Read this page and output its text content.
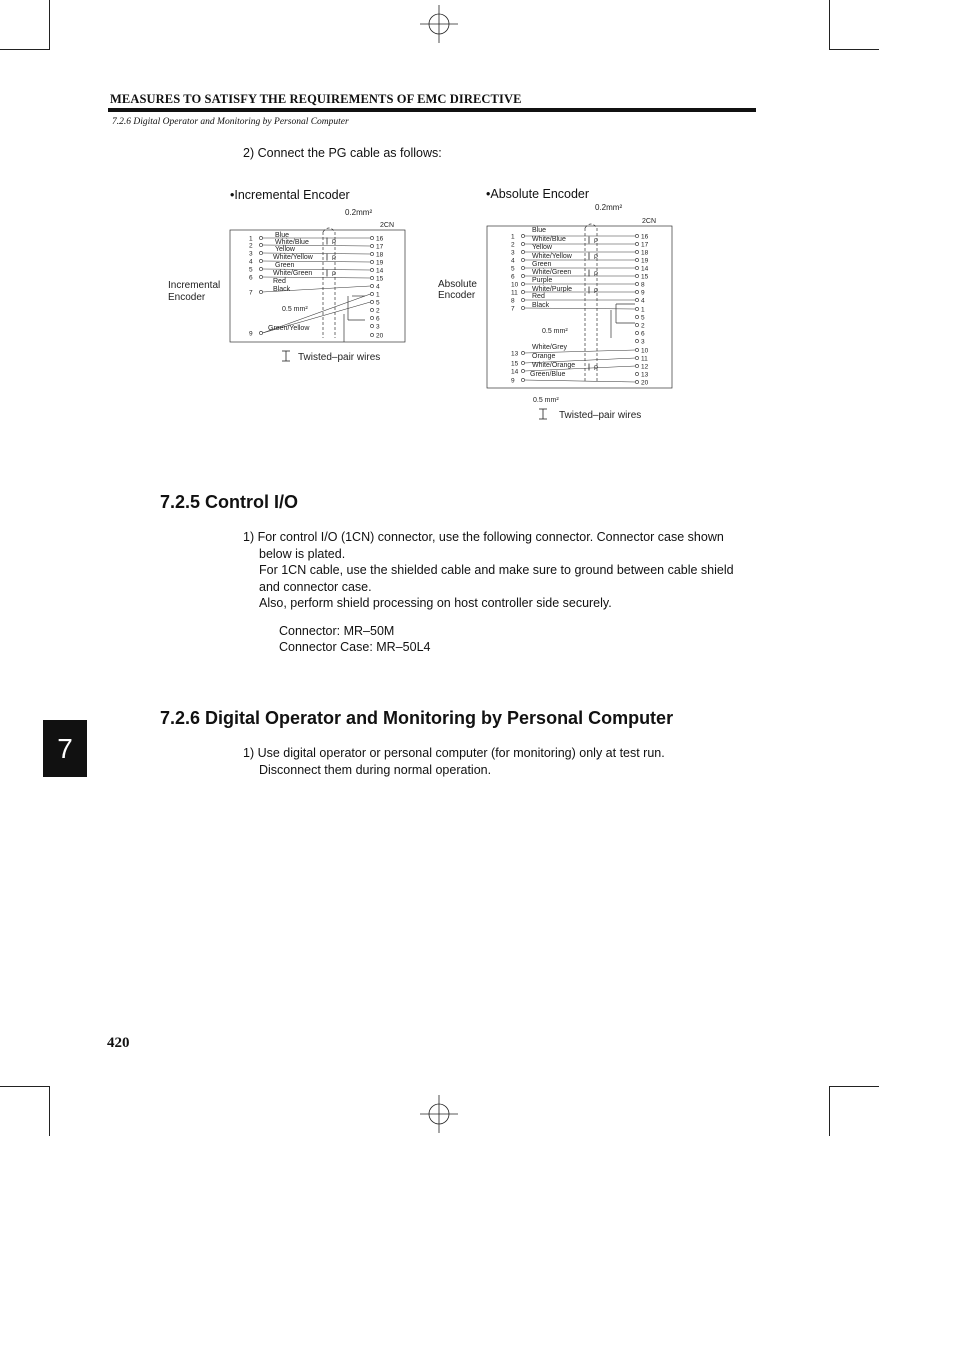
MEASURES TO SATISFY THE REQUIREMENTS OF EMC DIRECTIVE
7.2.6 Digital Operator and Monitoring by Personal Computer
2) Connect the PG cable as follows:
•Incremental Encoder
1
2
3
4
5
6
7
9
16
17
18
19
14
15
4
1
5
2
6
3
20
Blue
White/Blue
Yellow
White/Yellow
Green
White/Green
Red
Black
Green/Yellow
P
P
P
0.2mm²
2CN
0.5 mm²
Incremental
Encoder
Twisted–pair wires
•Absolute Encoder
1
2
3
4
5
6
10
11
8
7
13
15
14
9
16
17
18
19
14
15
8
9
4
1
5
2
6
3
10
11
12
13
20
Blue
White/Blue
Yellow
White/Yellow
Green
White/Green
Purple
White/Purple
Red
Black
White/Grey
Orange
White/Orange
Green/Blue
P
P
P
P
P
0.2mm²
2CN
0.5 mm²
0.5 mm²
Absolute
Encoder
Twisted–pair wires
7.2.5 Control I/O
1) For control I/O (1CN) connector, use the following connector. Connector case shown
below is plated.
For 1CN cable, use the shielded cable and make sure to ground between cable shield
and connector case.
Also, perform shield processing on host controller side securely.
Connector: MR–50M
Connector Case: MR–50L4
7.2.6 Digital Operator and Monitoring by Personal Computer
1) Use digital operator or personal computer (for monitoring) only at test run.
Disconnect them during normal operation.
7
420
